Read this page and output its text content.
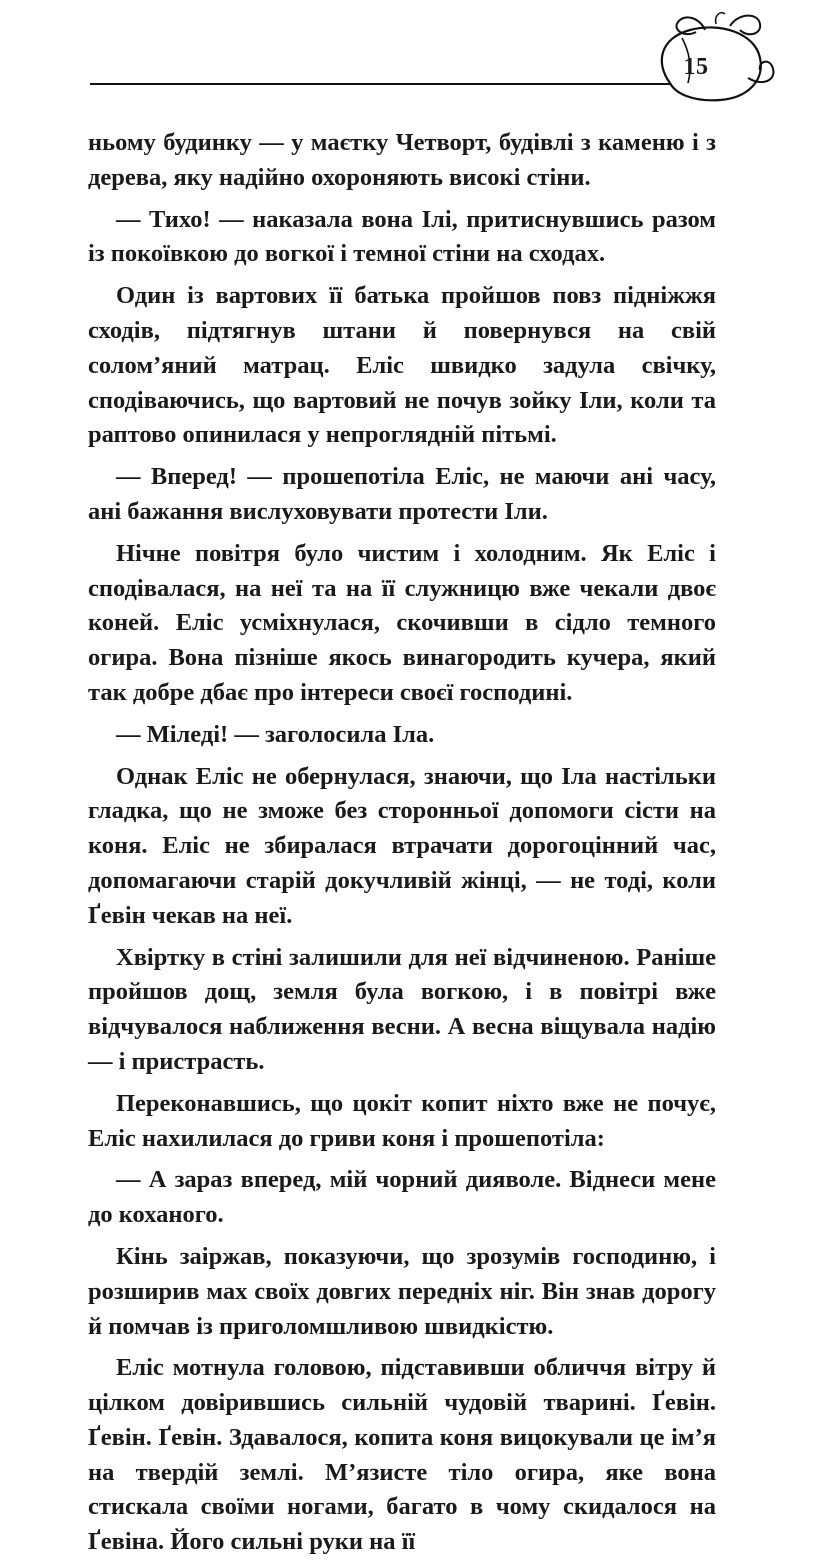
15

ньому будинку — у маєтку Четворт, будівлі з каменю і з дерева, яку надійно охороняють високі стіни.

— Тихо! — наказала вона Ілі, притиснувшись разом із покоївкою до вогкої і темної стіни на сходах.

Один із вартових її батька пройшов повз підніжжя сходів, підтягнув штани й повернувся на свій солом’яний матрац. Еліс швидко задула свічку, сподіваючись, що вартовий не почув зойку Іли, коли та раптово опинилася у непроглядній пітьмі.

— Вперед! — прошепотіла Еліс, не маючи ані часу, ані бажання вислуховувати протести Іли.

Нічне повітря було чистим і холодним. Як Еліс і сподівалася, на неї та на її служницю вже чекали двоє коней. Еліс усміхнулася, скочивши в сідло темного огира. Вона пізніше якось винагородить кучера, який так добре дбає про інтереси своєї господині.

— Міледі! — заголосила Іла.

Однак Еліс не обернулася, знаючи, що Іла настільки гладка, що не зможе без сторонньої допомоги сісти на коня. Еліс не збиралася втрачати дорогоцінний час, допомагаючи старій докучливій жінці, — не тоді, коли Ґевін чекав на неї.

Хвіртку в стіні залишили для неї відчиненою. Раніше пройшов дощ, земля була вогкою, і в повітрі вже відчувалося наближення весни. А весна віщувала надію — і пристрасть.

Переконавшись, що цокіт копит ніхто вже не почує, Еліс нахилилася до гриви коня і прошепотіла:

— А зараз вперед, мій чорний дияволе. Віднеси мене до коханого.

Кінь заіржав, показуючи, що зрозумів господиню, і розширив мах своїх довгих передніх ніг. Він знав дорогу й помчав із приголомшливою швидкістю.

Еліс мотнула головою, підставивши обличчя вітру й цілком довірившись сильній чудовій тварині. Ґевін. Ґевін. Ґевін. Здавалося, копита коня вицокували це ім’я на твердій землі. М’язисте тіло огира, яке вона стискала своїми ногами, багато в чому скидалося на Ґевіна. Його сильні руки на її
